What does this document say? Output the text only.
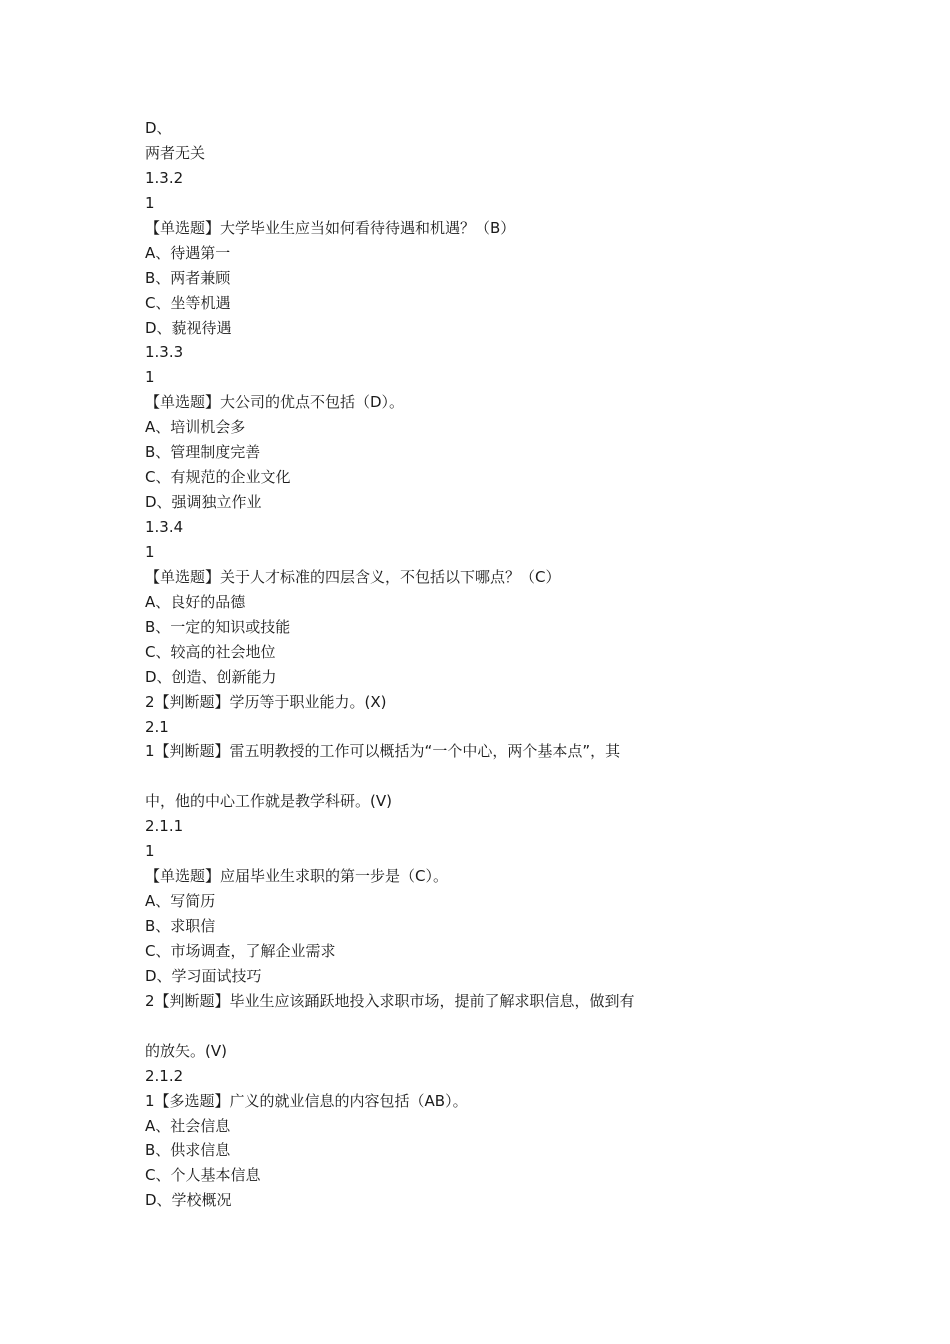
D、
两者无关
1.3.2
1
【单选题】大学毕业生应当如何看待待遇和机遇？（B）
A、待遇第一
B、两者兼顾
C、坐等机遇
D、藐视待遇
1.3.3
1
【单选题】大公司的优点不包括（D）。
A、培训机会多
B、管理制度完善
C、有规范的企业文化
D、强调独立作业
1.3.4
1
【单选题】关于人才标准的四层含义，不包括以下哪点？（C）
A、良好的品德
B、一定的知识或技能
C、较高的社会地位
D、创造、创新能力
2【判断题】学历等于职业能力。(X)
2.1
1【判断题】雷五明教授的工作可以概括为“一个中心，两个基本点”，其
中，他的中心工作就是教学科研。(V)
2.1.1
1
【单选题】应届毕业生求职的第一步是（C）。
A、写简历
B、求职信
C、市场调查，了解企业需求
D、学习面试技巧
2【判断题】毕业生应该踊跃地投入求职市场，提前了解求职信息，做到有
的放矢。(V)
2.1.2
1【多选题】广义的就业信息的内容包括（AB）。
A、社会信息
B、供求信息
C、个人基本信息
D、学校概况
